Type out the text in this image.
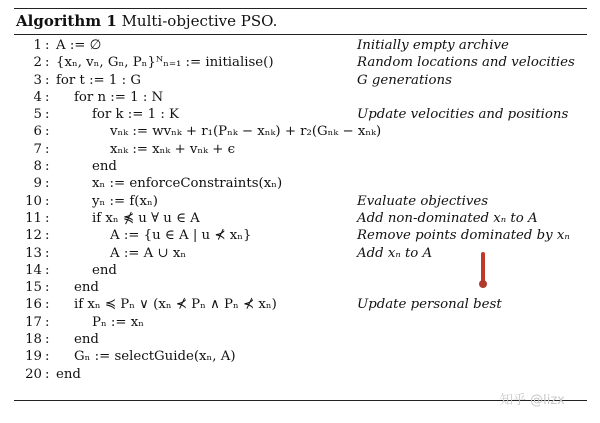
Algorithm 1 Multi-objective PSO.
1 : A := ∅	Initially empty archive
2 : {xₙ, vₙ, Gₙ, Pₙ}ᴺₙ₌₁ := initialise()	Random locations and velocities
3 : for t := 1 : G	G generations
4 :	for n := 1 : N
5 :	for k := 1 : K	Update velocities and positions
6 :	vₙₖ := wvₙₖ + r₁(Pₙₖ − xₙₖ) + r₂(Gₙₖ − xₙₖ)
7 :	xₙₖ := xₙₖ + vₙₖ + ϵ
8 :	end
9 :	xₙ := enforceConstraints(xₙ)
10 :	yₙ := f(xₙ)	Evaluate objectives
11 :	if xₙ ⋠ u ∀ u ∈ A	Add non-dominated xₙ to A
12 :	A := {u ∈ A | u ⊀ xₙ}	Remove points dominated by xₙ
13 :	A := A ∪ xₙ	Add xₙ to A
14 :	end
15 :	end
16 :	if xₙ ≼ Pₙ ∨ (xₙ ⊀ Pₙ ∧ Pₙ ⊀ xₙ)	Update personal best
17 :	Pₙ := xₙ
18 :	end
19 :	Gₙ := selectGuide(xₙ, A)
20 : end
知乎 @lizx
